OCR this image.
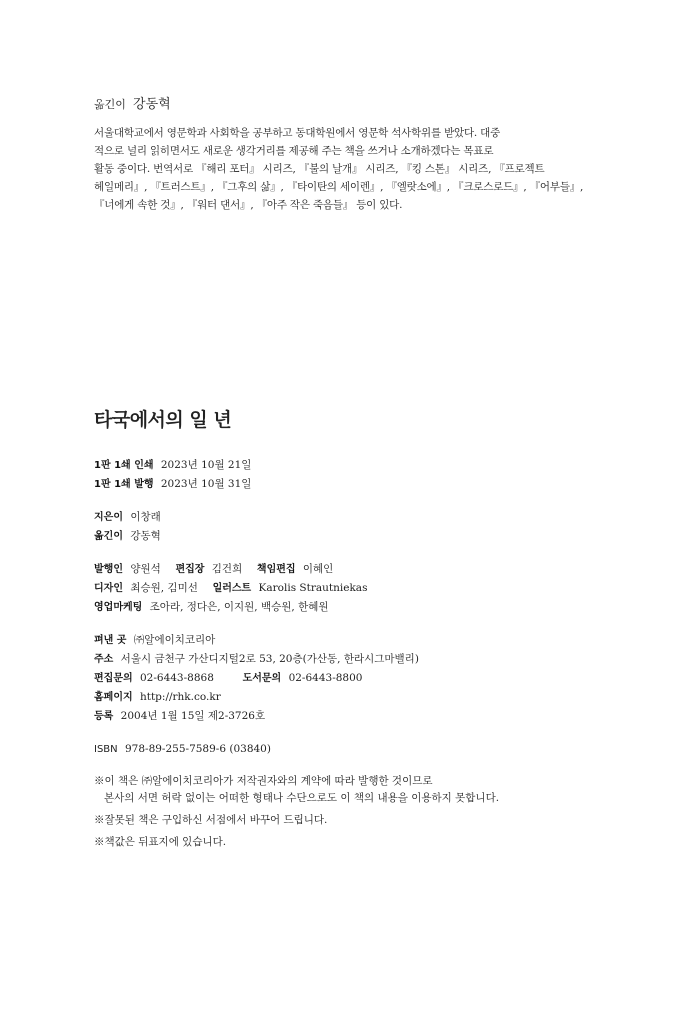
옮긴이 강동혁

서울대학교에서 영문학과 사회학을 공부하고 동대학원에서 영문학 석사학위를 받았다. 대중

적으로 널리 읽히면서도 새로운 생각거리를 제공해 주는 책을 쓰거나 소개하겠다는 목표로

활동 중이다. 번역서로 『해리 포터』 시리즈, 『불의 날개』 시리즈, 『킹 스톤』 시리즈, 『프로젝트

헤일메리』, 『트러스트』, 『그후의 삶』, 『타이탄의 세이렌』, 『엘랏소에』, 『크로스로드』, 『어부들』,

『너에게 속한 것』, 『워터 댄서』, 『아주 작은 죽음들』 등이 있다.

타국에서의 일 년
1판 1쇄 인쇄 2023년 10월 21일
1판 1쇄 발행 2023년 10월 31일
지은이 이창래
옮긴이 강동혁
발행인 양원석 편집장 김건희 책임편집 이혜인
디자인 최승원, 김미선 일러스트 Karolis Strautniekas
영업마케팅 조아라, 정다은, 이지원, 백승원, 한혜원
펴낸 곳 ㈜알에이치코리아
주소 서울시 금천구 가산디지털2로 53, 20층(가산동, 한라시그마밸리)
편집문의 02-6443-8868	도서문의 02-6443-8800
홈페이지 http://rhk.co.kr
등록 2004년 1월 15일 제2-3726호
ISBN 978-89-255-7589-6 (03840)
※이 책은 ㈜알에이치코리아가 저작권자와의 계약에 따라 발행한 것이므로
본사의 서면 허락 없이는 어떠한 형태나 수단으로도 이 책의 내용을 이용하지 못합니다.
※잘못된 책은 구입하신 서점에서 바꾸어 드립니다.
※책값은 뒤표지에 있습니다.
